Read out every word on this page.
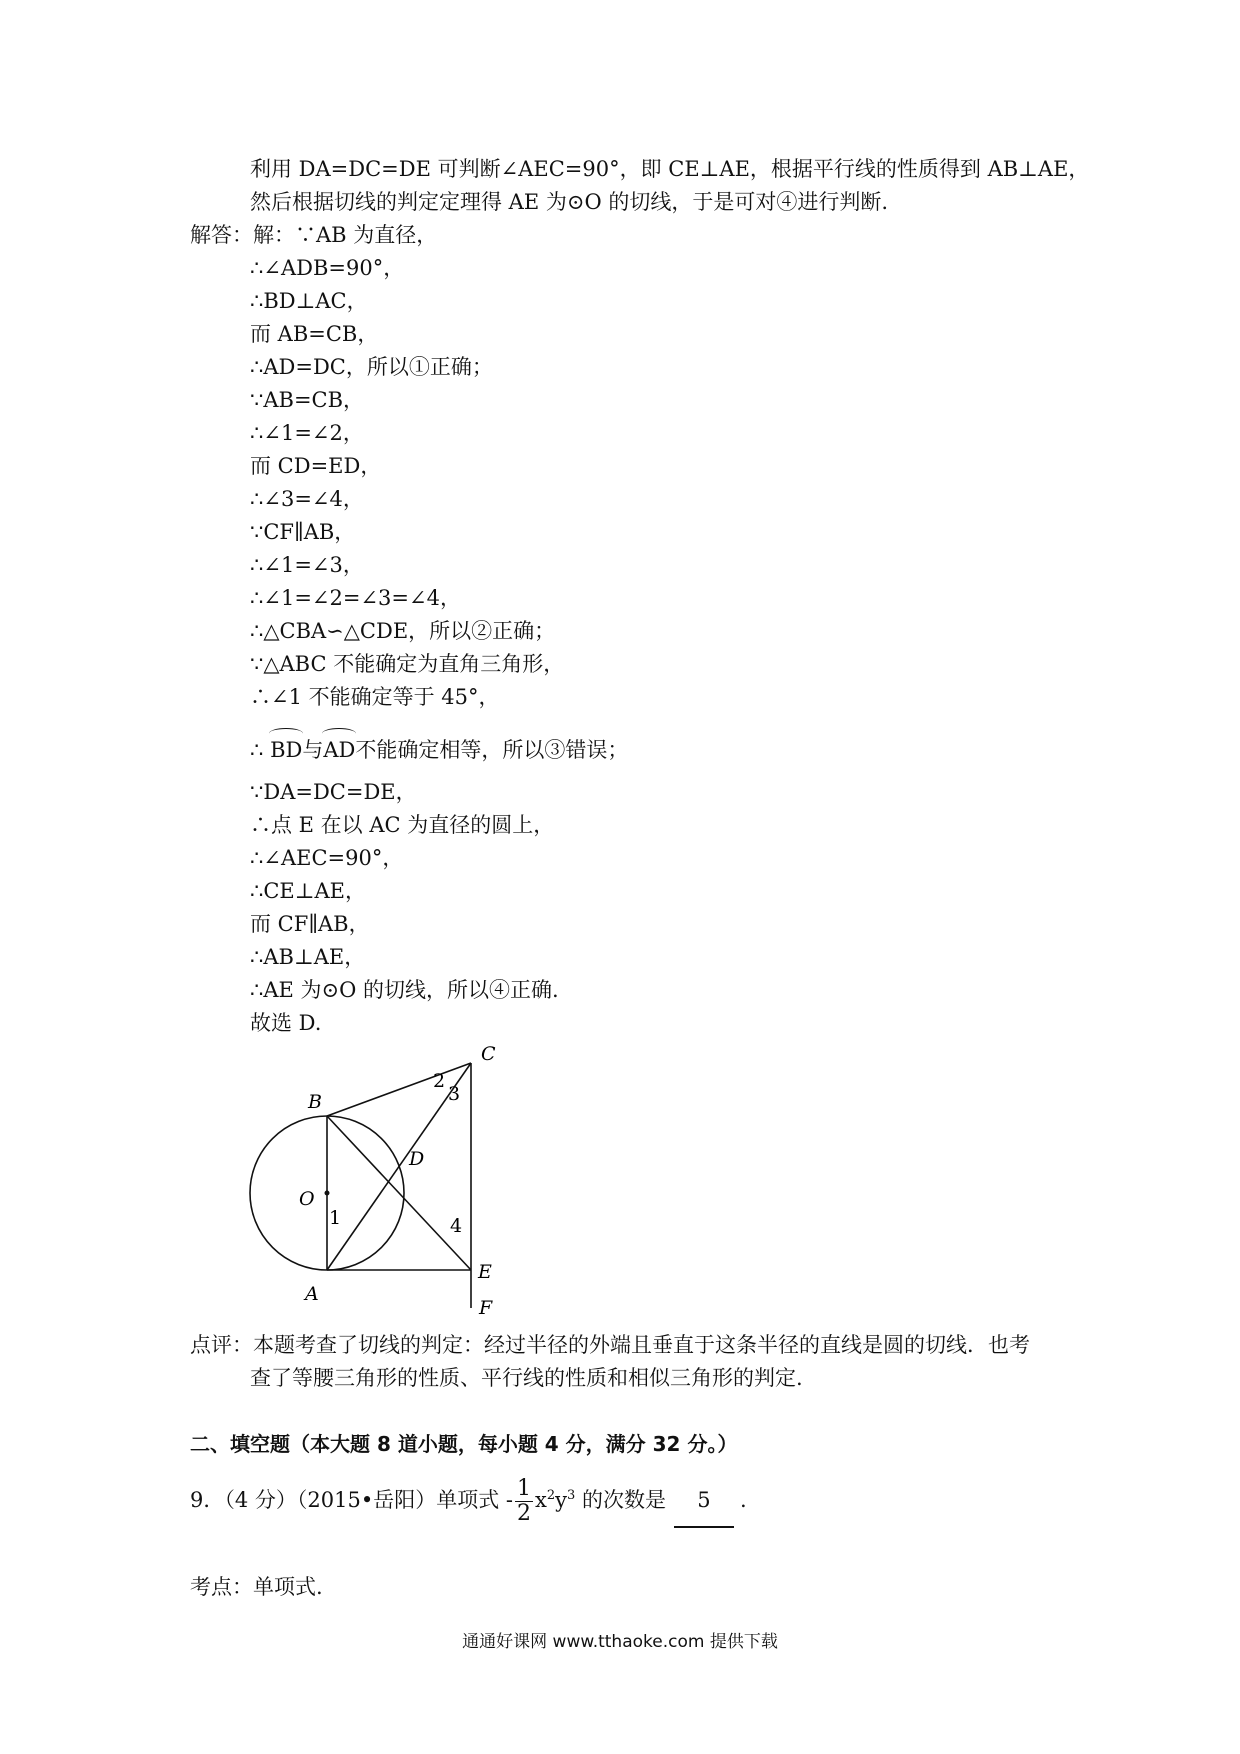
利用 DA=DC=DE 可判断∠AEC=90°，即 CE⊥AE，根据平行线的性质得到 AB⊥AE，
然后根据切线的判定定理得 AE 为⊙O 的切线，于是可对④进行判断.
解答：解：∵AB 为直径，
∴∠ADB=90°，
∴BD⊥AC，
而 AB=CB，
∴AD=DC，所以①正确；
∵AB=CB，
∴∠1=∠2，
而 CD=ED，
∴∠3=∠4，
∵CF∥AB，
∴∠1=∠3，
∴∠1=∠2=∠3=∠4，
∴△CBA∽△CDE，所以②正确；
∵△ABC 不能确定为直角三角形，
∴∠1 不能确定等于 45°，
∴ BD与AD不能确定相等，所以③错误；
∵DA=DC=DE，
∴点 E 在以 AC 为直径的圆上，
∴∠AEC=90°，
∴CE⊥AE，
而 CF∥AB，
∴AB⊥AE，
∴AE 为⊙O 的切线，所以④正确.
故选 D.
C
B
D
O
A
E
F
2
3
1	4
点评：本题考查了切线的判定：经过半径的外端且垂直于这条半径的直线是圆的切线．也考
查了等腰三角形的性质、平行线的性质和相似三角形的判定.
二、填空题（本大题 8 道小题，每小题 4 分，满分 32 分。）
9．（4 分）（2015•岳阳）单项式 - $\frac{1}{2} x^2y^3$ 的次数是 5 .
考点：单项式.
通通好课网 www.tthaoke.com 提供下载
